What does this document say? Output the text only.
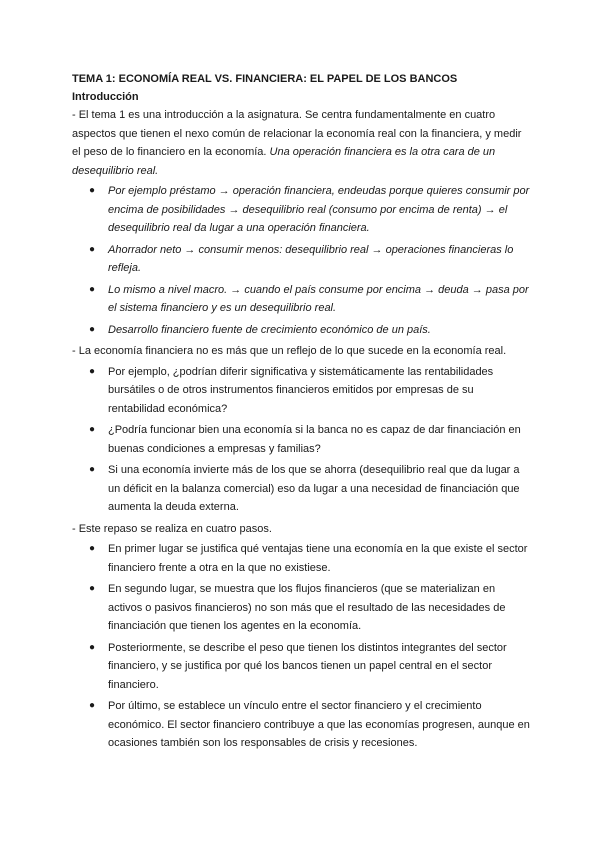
TEMA 1: ECONOMÍA REAL VS. FINANCIERA: EL PAPEL DE LOS BANCOS

Introducción

- El tema 1 es una introducción a la asignatura. Se centra fundamentalmente en cuatro aspectos que tienen el nexo común de relacionar la economía real con la financiera, y medir el peso de lo financiero en la economía. Una operación financiera es la otra cara de un desequilibrio real.

● Por ejemplo préstamo → operación financiera, endeudas porque quieres consumir por encima de posibilidades → desequilibrio real (consumo por encima de renta) → el desequilibrio real da lugar a una operación financiera.
● Ahorrador neto → consumir menos: desequilibrio real → operaciones financieras lo refleja.
● Lo mismo a nivel macro. → cuando el país consume por encima → deuda → pasa por el sistema financiero y es un desequilibrio real.
● Desarrollo financiero fuente de crecimiento económico de un país.

- La economía financiera no es más que un reflejo de lo que sucede en la economía real.

● Por ejemplo, ¿podrían diferir significativa y sistemáticamente las rentabilidades bursátiles o de otros instrumentos financieros emitidos por empresas de su rentabilidad económica?
● ¿Podría funcionar bien una economía si la banca no es capaz de dar financiación en buenas condiciones a empresas y familias?
● Si una economía invierte más de los que se ahorra (desequilibrio real que da lugar a un déficit en la balanza comercial) eso da lugar a una necesidad de financiación que aumenta la deuda externa.

- Este repaso se realiza en cuatro pasos.

● En primer lugar se justifica qué ventajas tiene una economía en la que existe el sector financiero frente a otra en la que no existiese.
● En segundo lugar, se muestra que los flujos financieros (que se materializan en activos o pasivos financieros) no son más que el resultado de las necesidades de financiación que tienen los agentes en la economía.
● Posteriormente, se describe el peso que tienen los distintos integrantes del sector financiero, y se justifica por qué los bancos tienen un papel central en el sector financiero.
● Por último, se establece un vínculo entre el sector financiero y el crecimiento económico. El sector financiero contribuye a que las economías progresen, aunque en ocasiones también son los responsables de crisis y recesiones.
